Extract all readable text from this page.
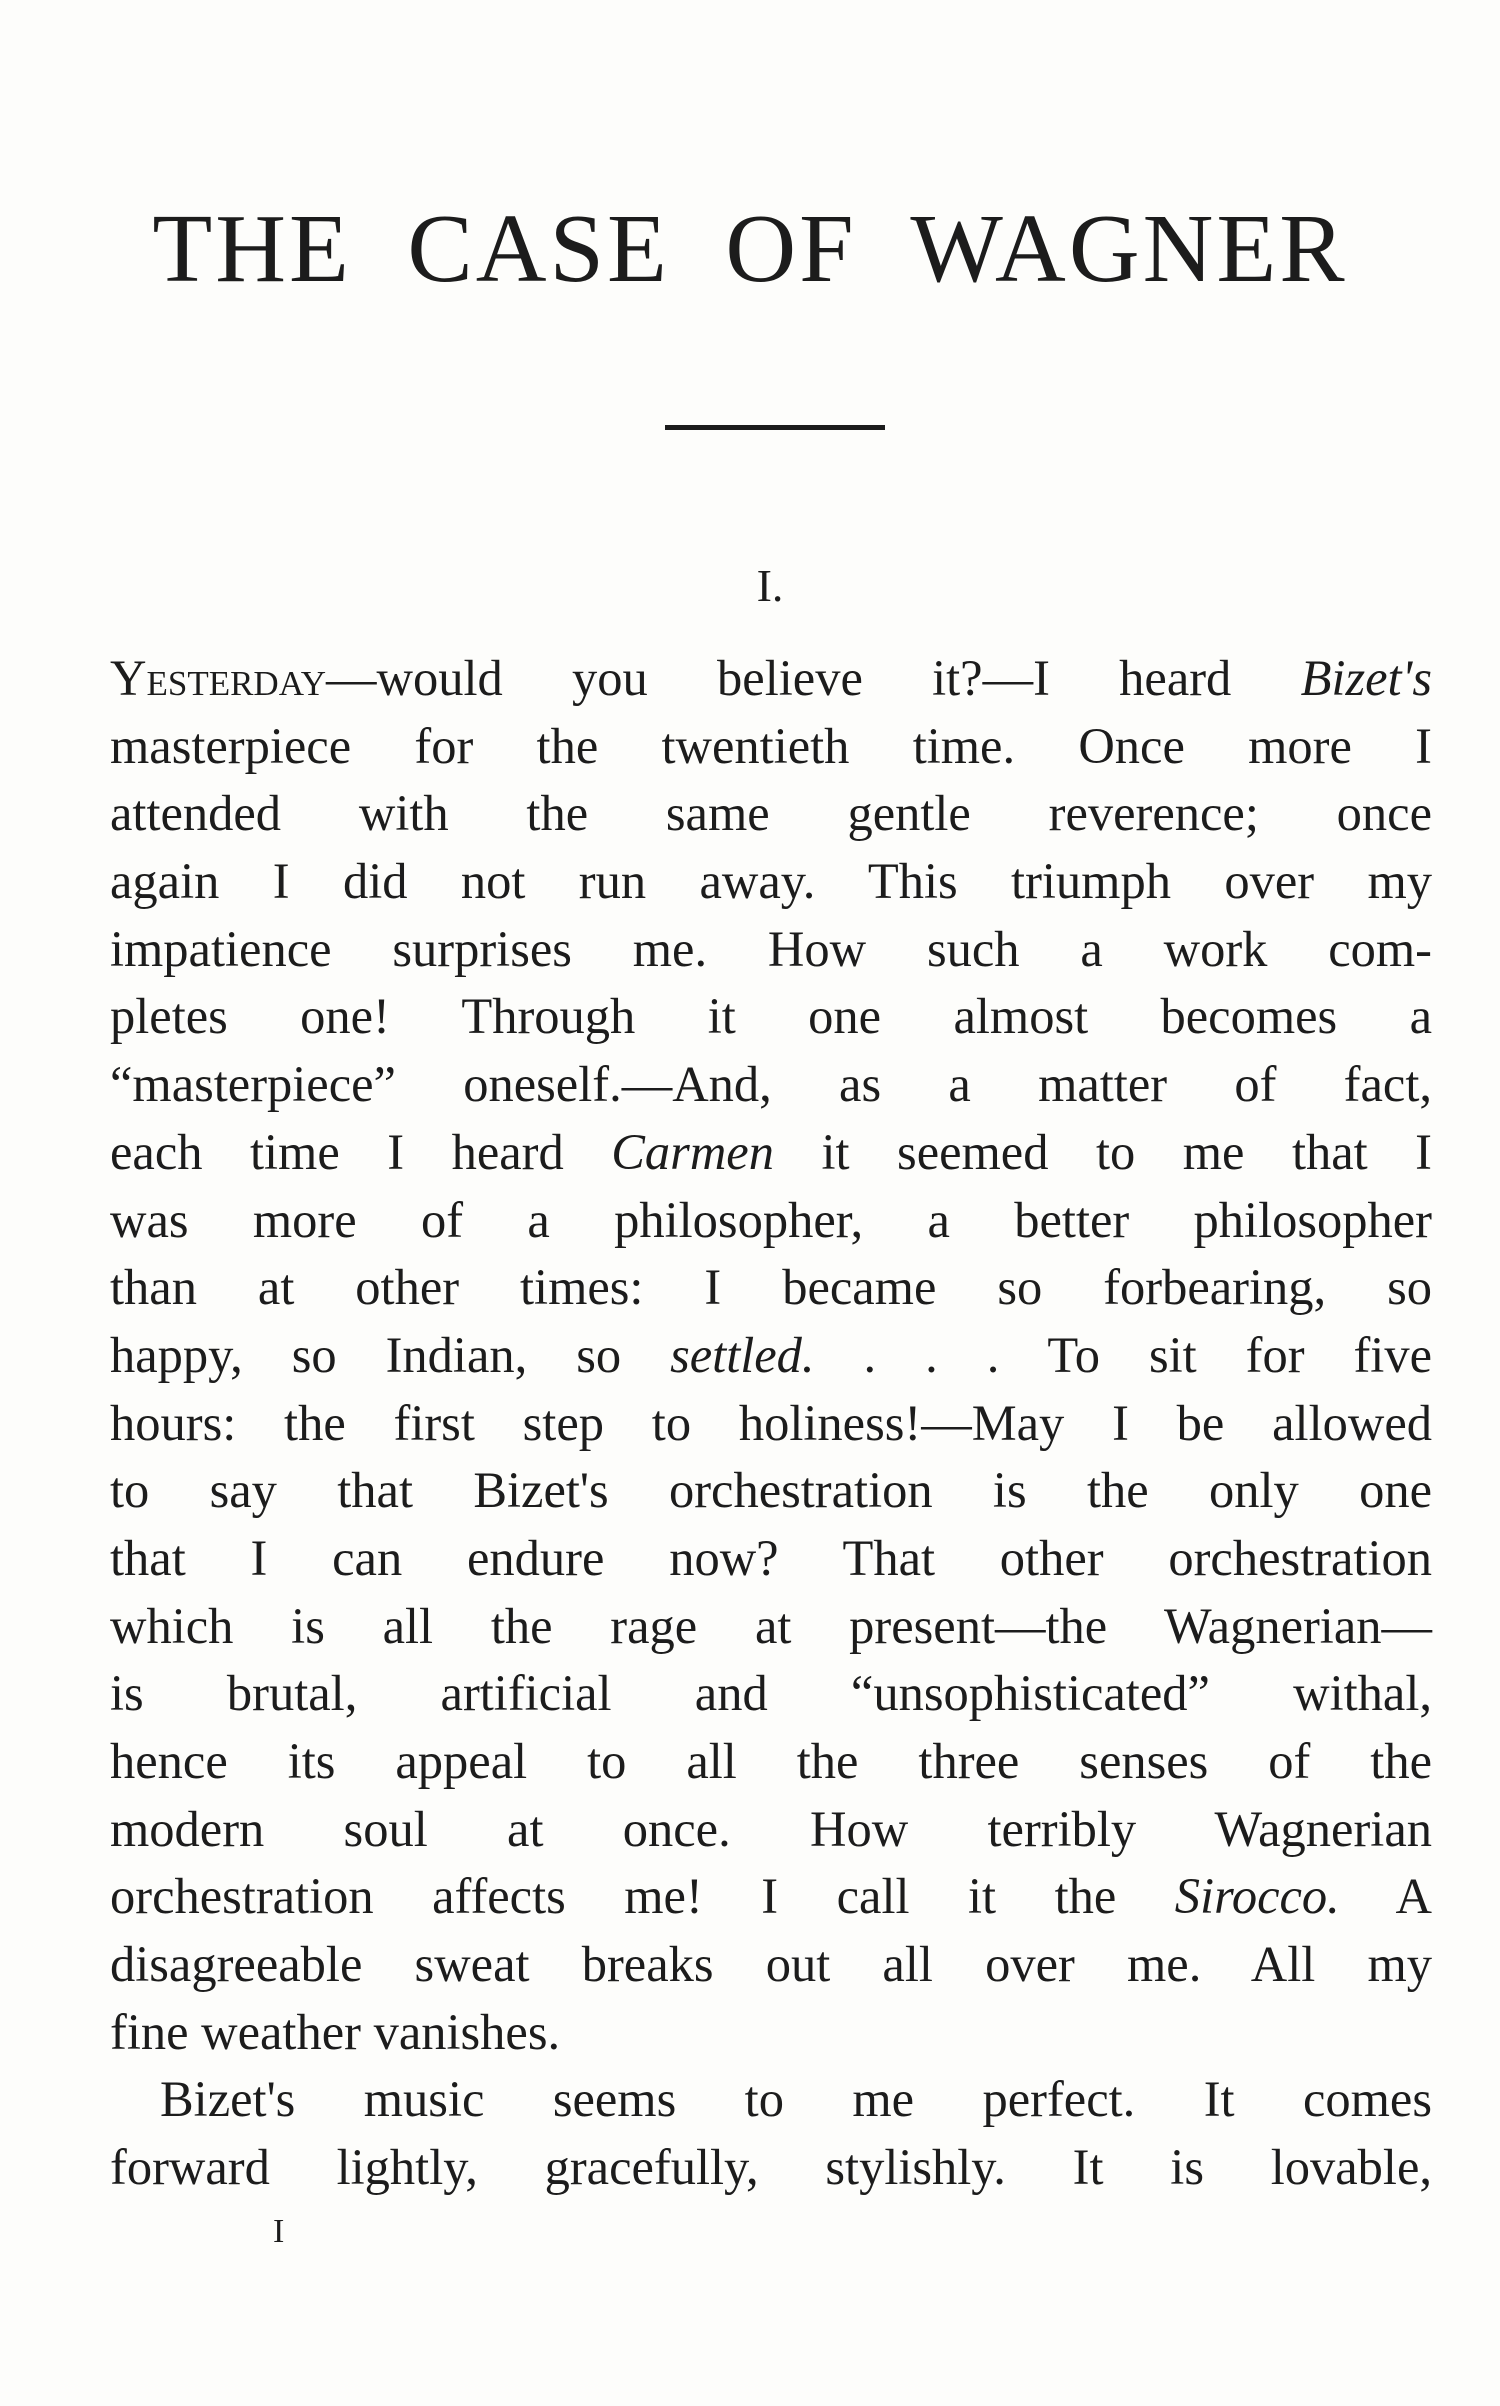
THE CASE OF WAGNER
I.
Yesterday—would you believe it?—I heard Bizet's
masterpiece for the twentieth time. Once more I
attended with the same gentle reverence; once
again I did not run away. This triumph over my
impatience surprises me. How such a work com-
pletes one! Through it one almost becomes a
“masterpiece” oneself.—And, as a matter of fact,
each time I heard Carmen it seemed to me that I
was more of a philosopher, a better philosopher
than at other times: I became so forbearing, so
happy, so Indian, so settled. . . . To sit for five
hours: the first step to holiness!—May I be allowed
to say that Bizet's orchestration is the only one
that I can endure now? That other orchestration
which is all the rage at present—the Wagnerian—
is brutal, artificial and “unsophisticated” withal,
hence its appeal to all the three senses of the
modern soul at once. How terribly Wagnerian
orchestration affects me! I call it the Sirocco. A
disagreeable sweat breaks out all over me. All my
fine weather vanishes.
Bizet's music seems to me perfect. It comes
forward lightly, gracefully, stylishly. It is lovable,
I
